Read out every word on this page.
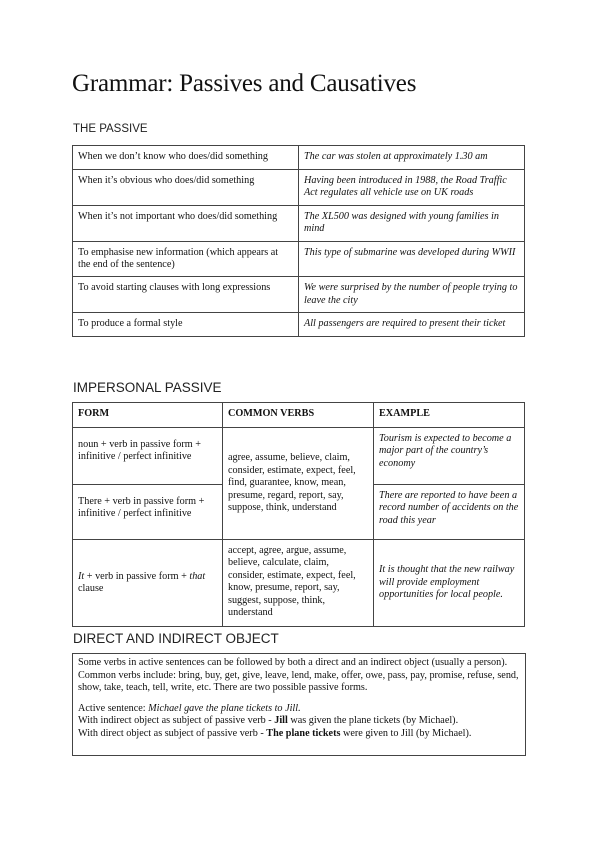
Grammar: Passives and Causatives
THE PASSIVE
When we don’t know who does/did something	The car was stolen at approximately 1.30 am
When it’s obvious who does/did something	Having been introduced in 1988, the Road Traffic Act regulates all vehicle use on UK roads
When it’s not important who does/did something	The XL500 was designed with young families in mind
To emphasise new information (which appears at the end of the sentence)	This type of submarine was developed during WWII
To avoid starting clauses with long expressions	We were surprised by the number of people trying to leave the city
To produce a formal style	All passengers are required to present their ticket
IMPERSONAL PASSIVE
FORM	COMMON VERBS	EXAMPLE
noun + verb in passive form + infinitive / perfect infinitive	agree, assume, believe, claim, consider, estimate, expect, feel, find, guarantee, know, mean, presume, regard, report, say, suppose, think, understand	Tourism is expected to become a major part of the country’s economy
There + verb in passive form + infinitive / perfect infinitive		There are reported to have been a record number of accidents on the road this year
It + verb in passive form + that clause	accept, agree, argue, assume, believe, calculate, claim, consider, estimate, expect, feel, know, presume, report, say, suggest, suppose, think, understand	It is thought that the new railway will provide employment opportunities for local people.
DIRECT AND INDIRECT OBJECT

Some verbs in active sentences can be followed by both a direct and an indirect object (usually a person). Common verbs include: bring, buy, get, give, leave, lend, make, offer, owe, pass, pay, promise, refuse, send, show, take, teach, tell, write, etc. There are two possible passive forms.

Active sentence: Michael gave the plane tickets to Jill.

With indirect object as subject of passive verb - Jill was given the plane tickets (by Michael).

With direct object as subject of passive verb - The plane tickets were given to Jill (by Michael).
